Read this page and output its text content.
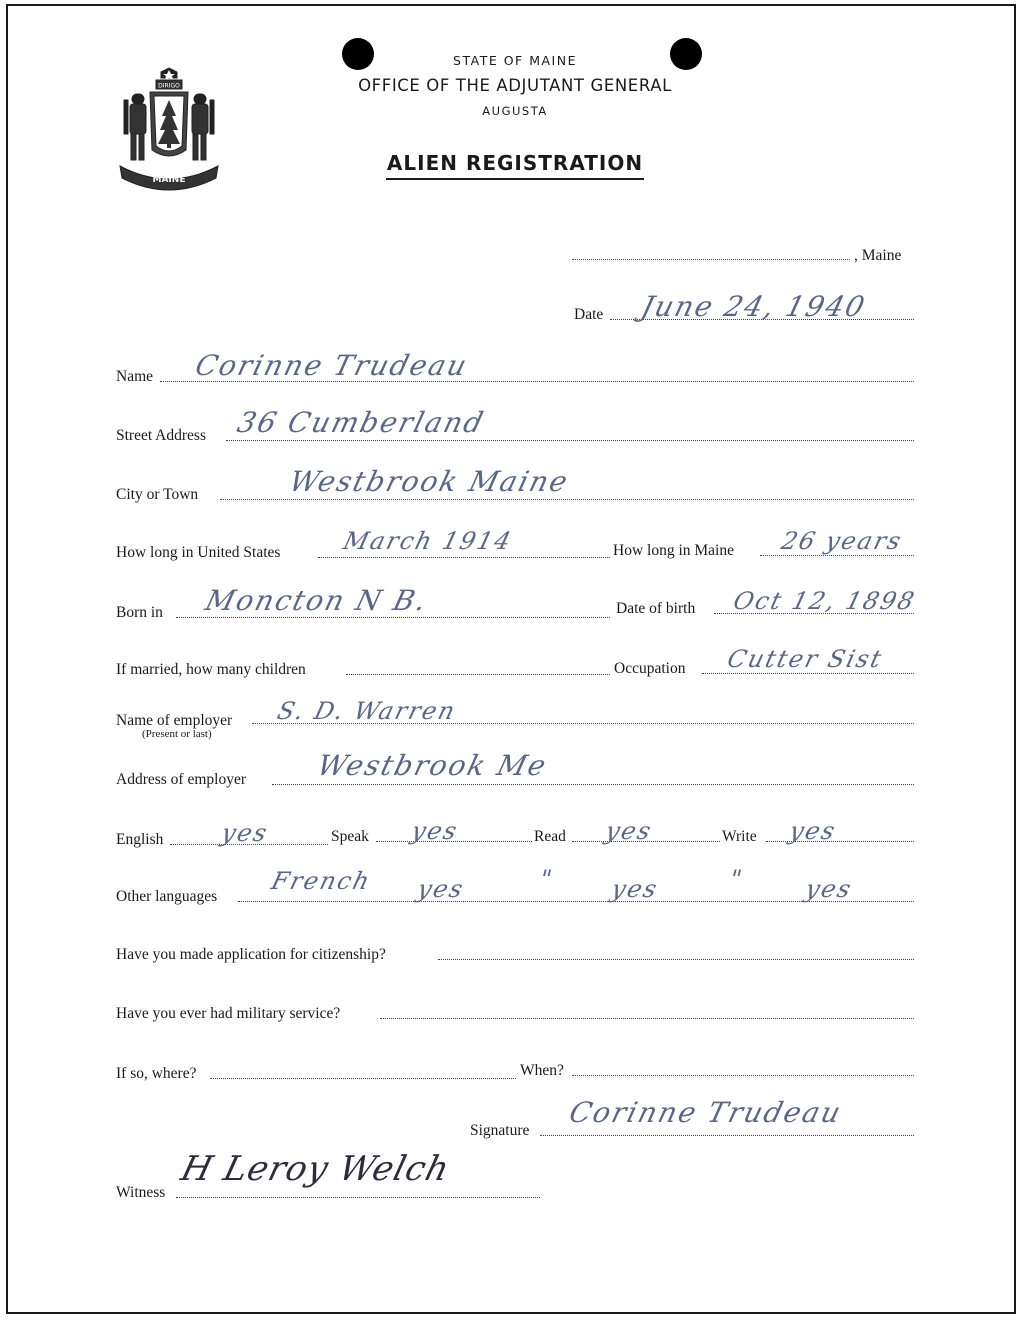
DIRIGO
MAINE
STATE OF MAINE
OFFICE OF THE ADJUTANT GENERAL
AUGUSTA
ALIEN REGISTRATION
, Maine
Date June 24, 1940
Name Corinne Trudeau
Street Address 36 Cumberland
City or Town	Westbrook Maine
How long in United States	March 1914	How long in Maine 26 years
Born in Moncton N B.	Date of birth Oct 12, 1898
If married, how many children	Occupation Cutter Sist
Name of employer
(Present or last)
S. D. Warren
Address of employer Westbrook Me
English yes	Speak yes	Read yes	Write yes
Other languages
French yes	" yes	" yes
Have you made application for citizenship?
Have you ever had military service?
If so, where?	When?
Signature
Corinne Trudeau
Witness
H Leroy Welch
